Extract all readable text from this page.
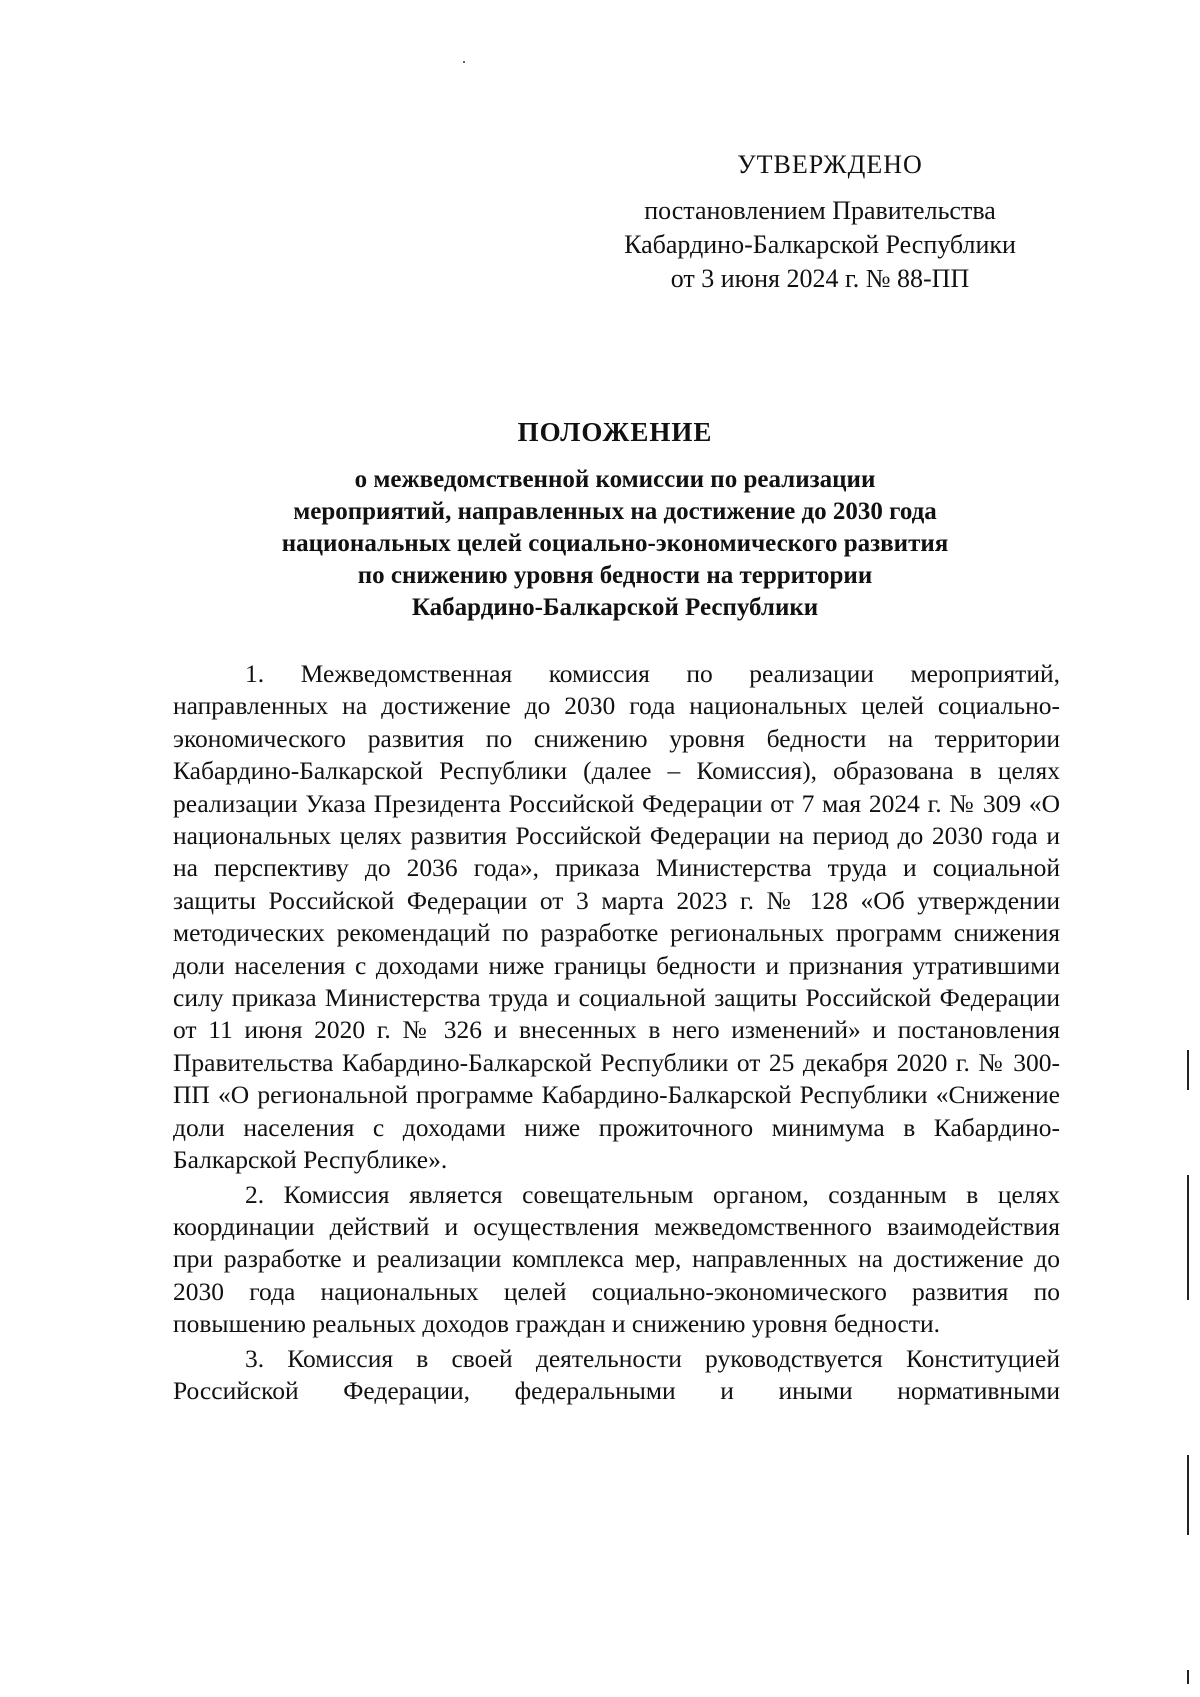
УТВЕРЖДЕНО
постановлением Правительства
Кабардино-Балкарской Республики
от 3 июня 2024 г. № 88-ПП
ПОЛОЖЕНИЕ
о межведомственной комиссии по реализации
мероприятий, направленных на достижение до 2030 года
национальных целей социально-экономического развития
по снижению уровня бедности на территории
Кабардино-Балкарской Республики

1. Межведомственная комиссия по реализации мероприятий, направленных на достижение до 2030 года национальных целей социально-экономического развития по снижению уровня бедности на территории Кабардино-Балкарской Республики (далее – Комиссия), образована в целях реализации Указа Президента Российской Федерации от 7 мая 2024 г. № 309 «О национальных целях развития Российской Федерации на период до 2030 года и на перспективу до 2036 года», приказа Министерства труда и социальной защиты Российской Федерации от 3 марта 2023 г. № 128 «Об утверждении методических рекомендаций по разработке региональных программ снижения доли населения с доходами ниже границы бедности и признания утратившими силу приказа Министерства труда и социальной защиты Российской Федерации от 11 июня 2020 г. № 326 и внесенных в него изменений» и постановления Правительства Кабардино-Балкарской Республики от 25 декабря 2020 г. № 300-ПП «О региональной программе Кабардино-Балкарской Республики «Снижение доли населения с доходами ниже прожиточного минимума в Кабардино-Балкарской Республике».

2. Комиссия является совещательным органом, созданным в целях координации действий и осуществления межведомственного взаимодействия при разработке и реализации комплекса мер, направленных на достижение до 2030 года национальных целей социально-экономического развития по повышению реальных доходов граждан и снижению уровня бедности.

3. Комиссия в своей деятельности руководствуется Конституцией Российской Федерации, федеральными и иными нормативными
